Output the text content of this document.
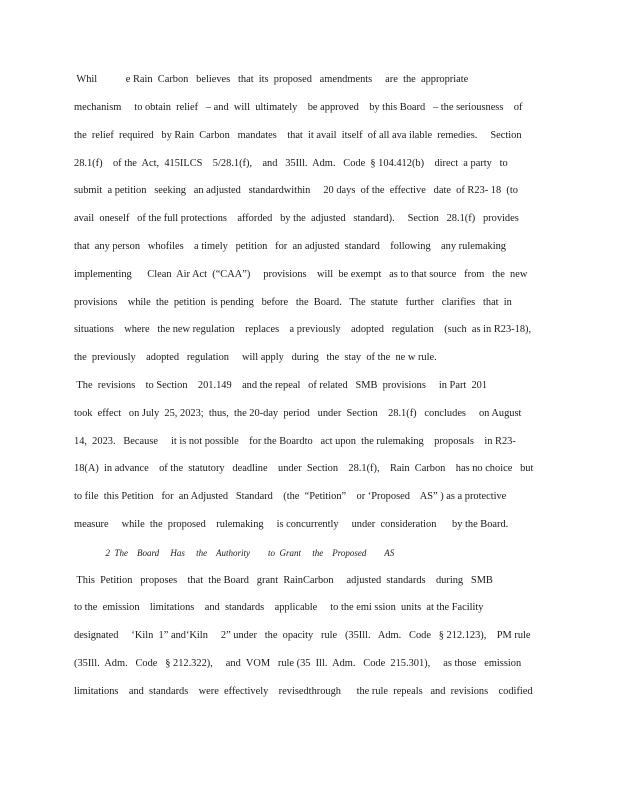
Whil           e Rain  Carbon   believes   that  its  proposed   amendments     are  the  appropriate
mechanism     to obtain  relief   – and  will  ultimately    be approved    by this Board   – the seriousness    of
the  relief  required   by Rain  Carbon   mandates    that  it avail  itself  of all ava ilable  remedies.     Section
28.1(f)    of the  Act,  415ILCS    5/28.1(f),    and   35Ill.  Adm.   Code  § 104.412(b)    direct  a party   to
submit  a petition   seeking   an adjusted   standardwithin     20 days  of the  effective   date  of R23- 18  (to
avail  oneself   of the full protections    afforded   by the  adjusted   standard).     Section   28.1(f)   provides
that  any person   whofiles    a timely   petition   for  an adjusted  standard    following    any rulemaking
implementing      Clean  Air Act  (“CAA”)     provisions    will  be exempt   as to that source   from   the  new
provisions    while  the  petition  is pending   before   the  Board.   The  statute   further   clarifies   that  in
situations    where   the new regulation    replaces    a previously    adopted   regulation    (such  as in R23-18),
the  previously    adopted   regulation     will apply   during   the  stay  of the  ne w rule.
The  revisions    to Section    201.149    and the repeal   of related   SMB  provisions     in Part  201
took  effect   on July  25, 2023;  thus,  the 20-day  period   under  Section    28.1(f)   concludes     on August
14,  2023.   Because     it is not possible    for the Boardto   act upon  the rulemaking    proposals    in R23-
18(A)  in advance    of the  statutory   deadline    under  Section    28.1(f),    Rain  Carbon    has no choice   but
to file  this Petition   for  an Adjusted   Standard    (the  “Petition”    or ‘Proposed    AS” ) as a protective
measure     while  the  proposed    rulemaking     is concurrently     under  consideration      by the Board.
2  The    Board     Has     the    Authority        to  Grant     the    Proposed        AS
This  Petition   proposes    that  the Board   grant  RainCarbon     adjusted  standards    during   SMB
to the  emission    limitations    and  standards    applicable     to the emi ssion  units  at the Facility
designated     ‘Kiln  1” and‘Kiln     2” under   the  opacity   rule   (35Ill.   Adm.   Code   § 212.123),    PM rule
(35Ill.  Adm.   Code   § 212.322),     and  VOM   rule (35  Ill.  Adm.   Code  215.301),     as those   emission
limitations    and  standards    were  effectively    revisedthrough      the rule  repeals   and  revisions    codified
